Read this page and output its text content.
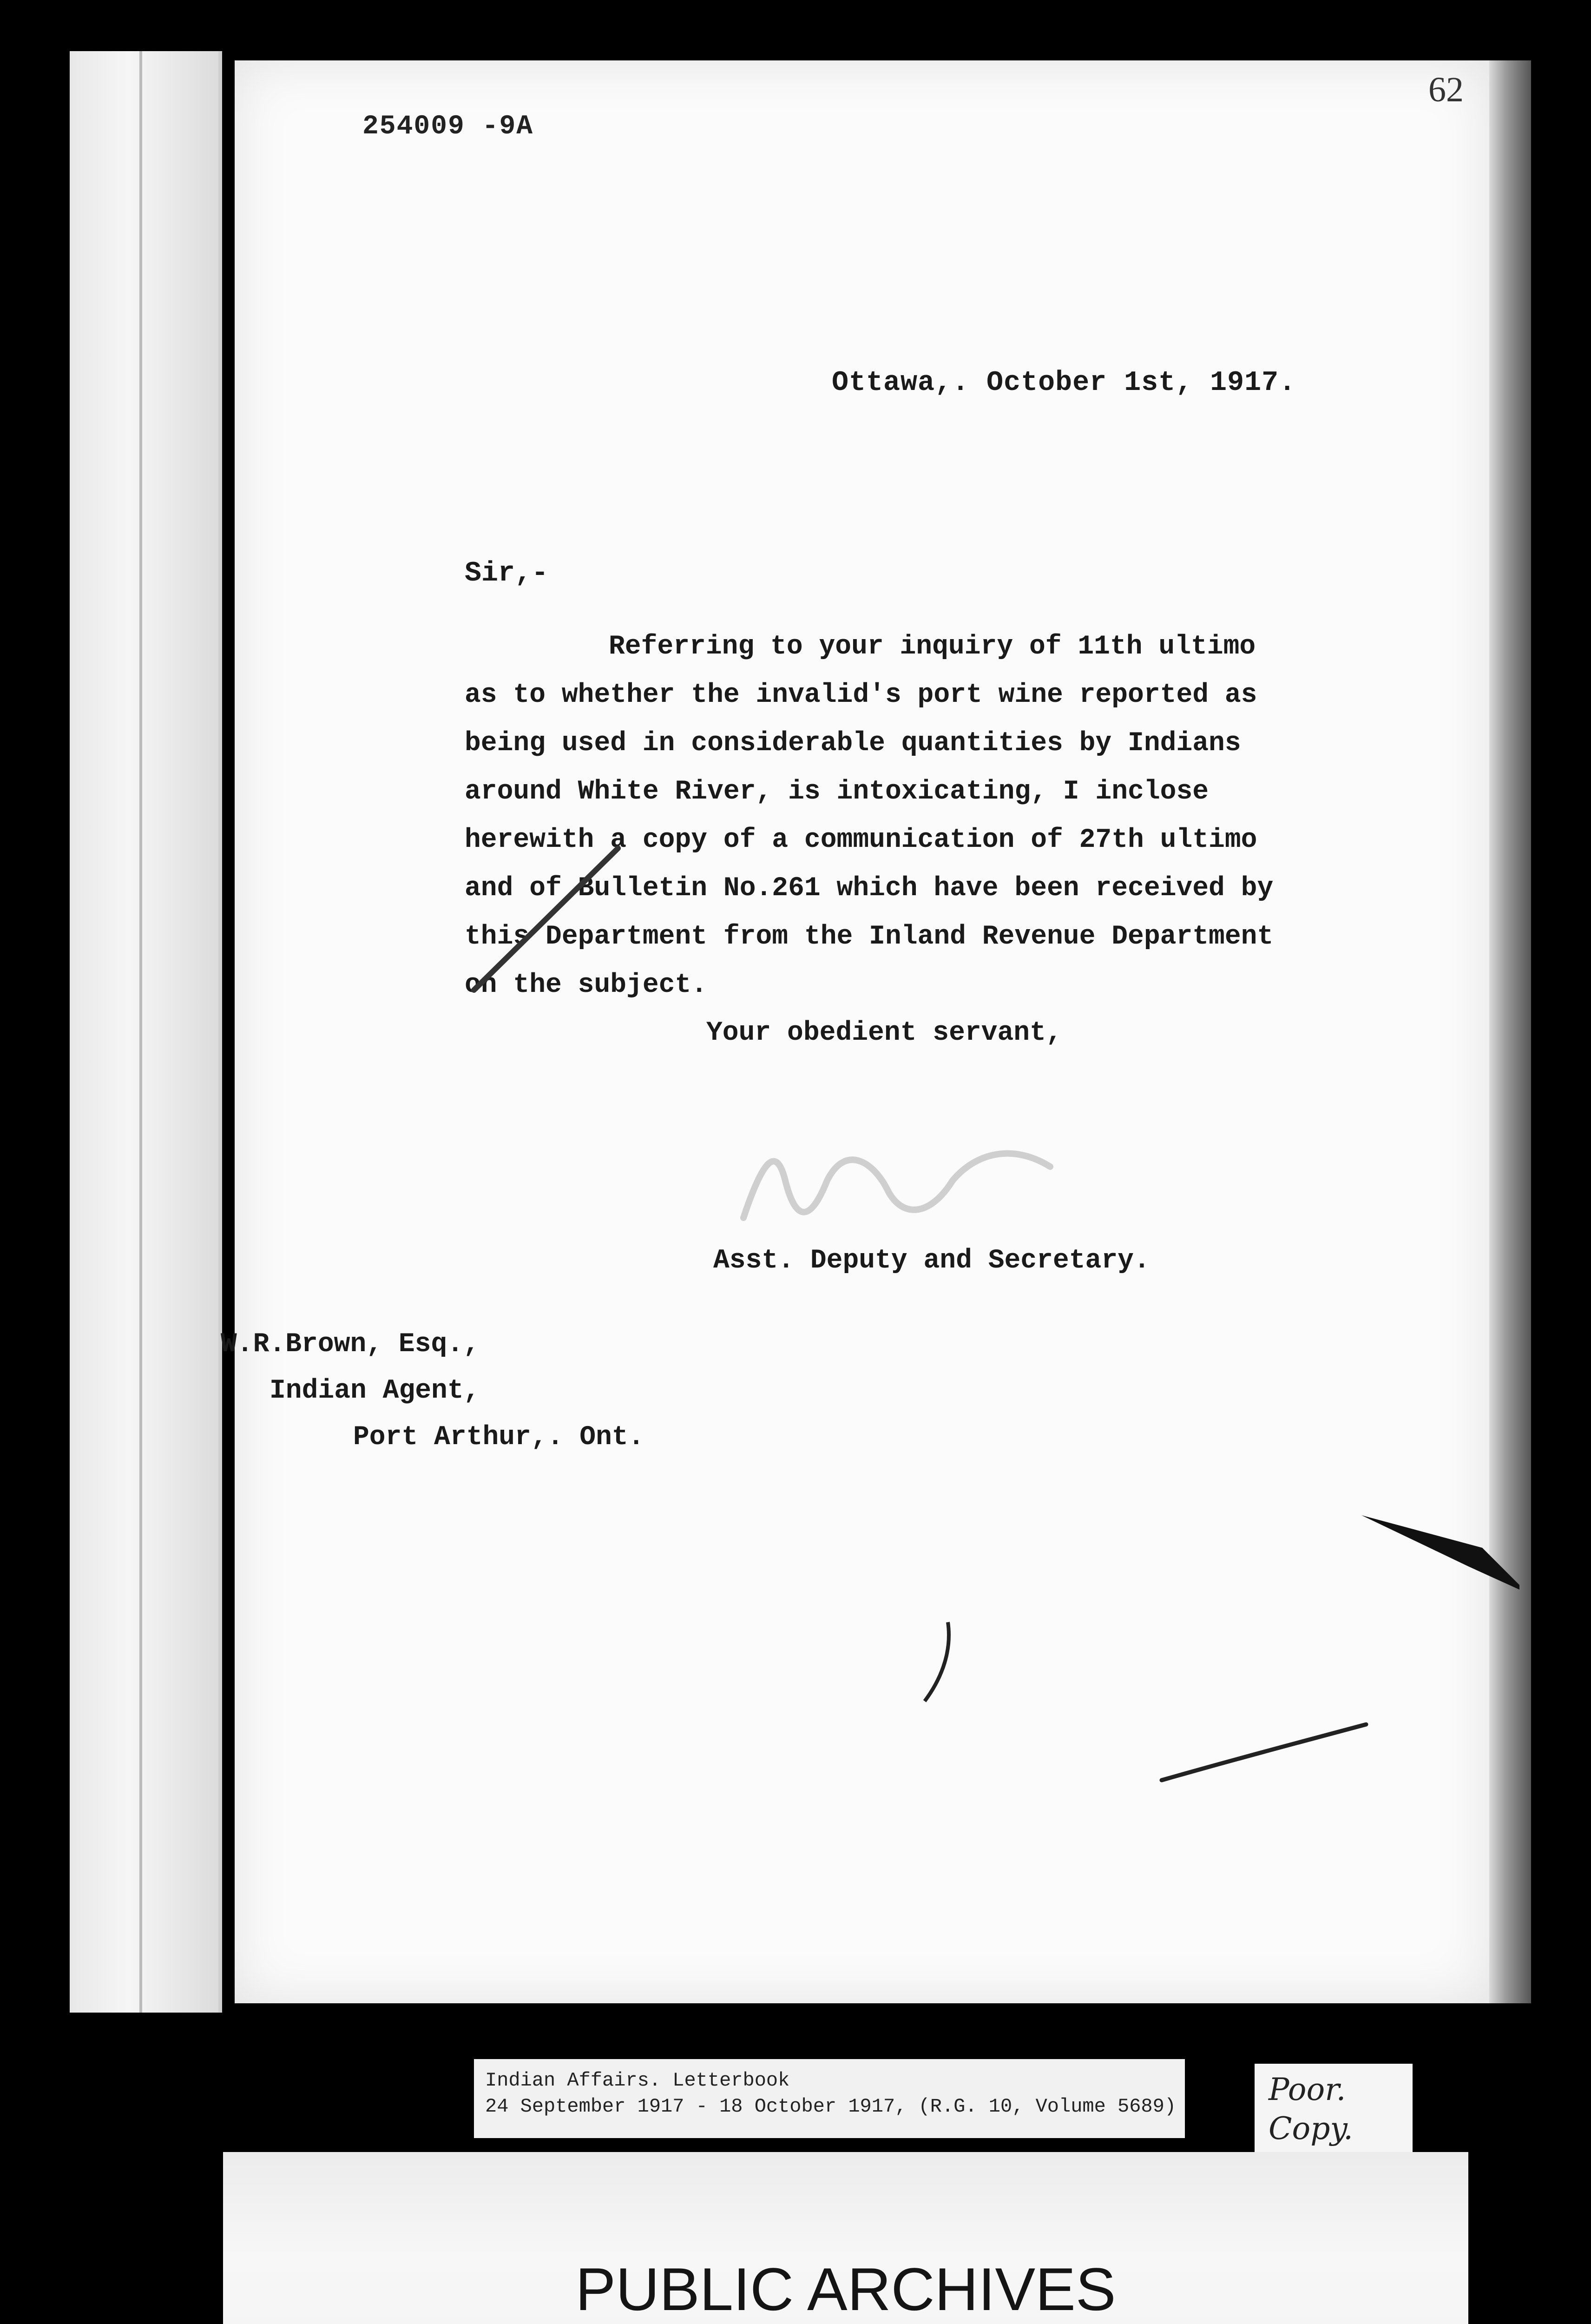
62
254009 -9A
Ottawa,. October 1st, 1917.
Sir,-
Referring to your inquiry of 11th ultimo
as to whether the invalid's port wine reported as
being used in considerable quantities by Indians
around White River, is intoxicating, I inclose
herewith a copy of a communication of 27th ultimo
and of Bulletin No.261 which have been received by
this Department from the Inland Revenue Department
on the subject.
Your obedient servant,
Asst. Deputy and Secretary.
W.R.Brown, Esq.,
Indian Agent,
Port Arthur,. Ont.
Indian Affairs. Letterbook
24 September 1917 - 18 October 1917, (R.G. 10, Volume 5689)	Poor.
Copy.
PUBLIC ARCHIVES
